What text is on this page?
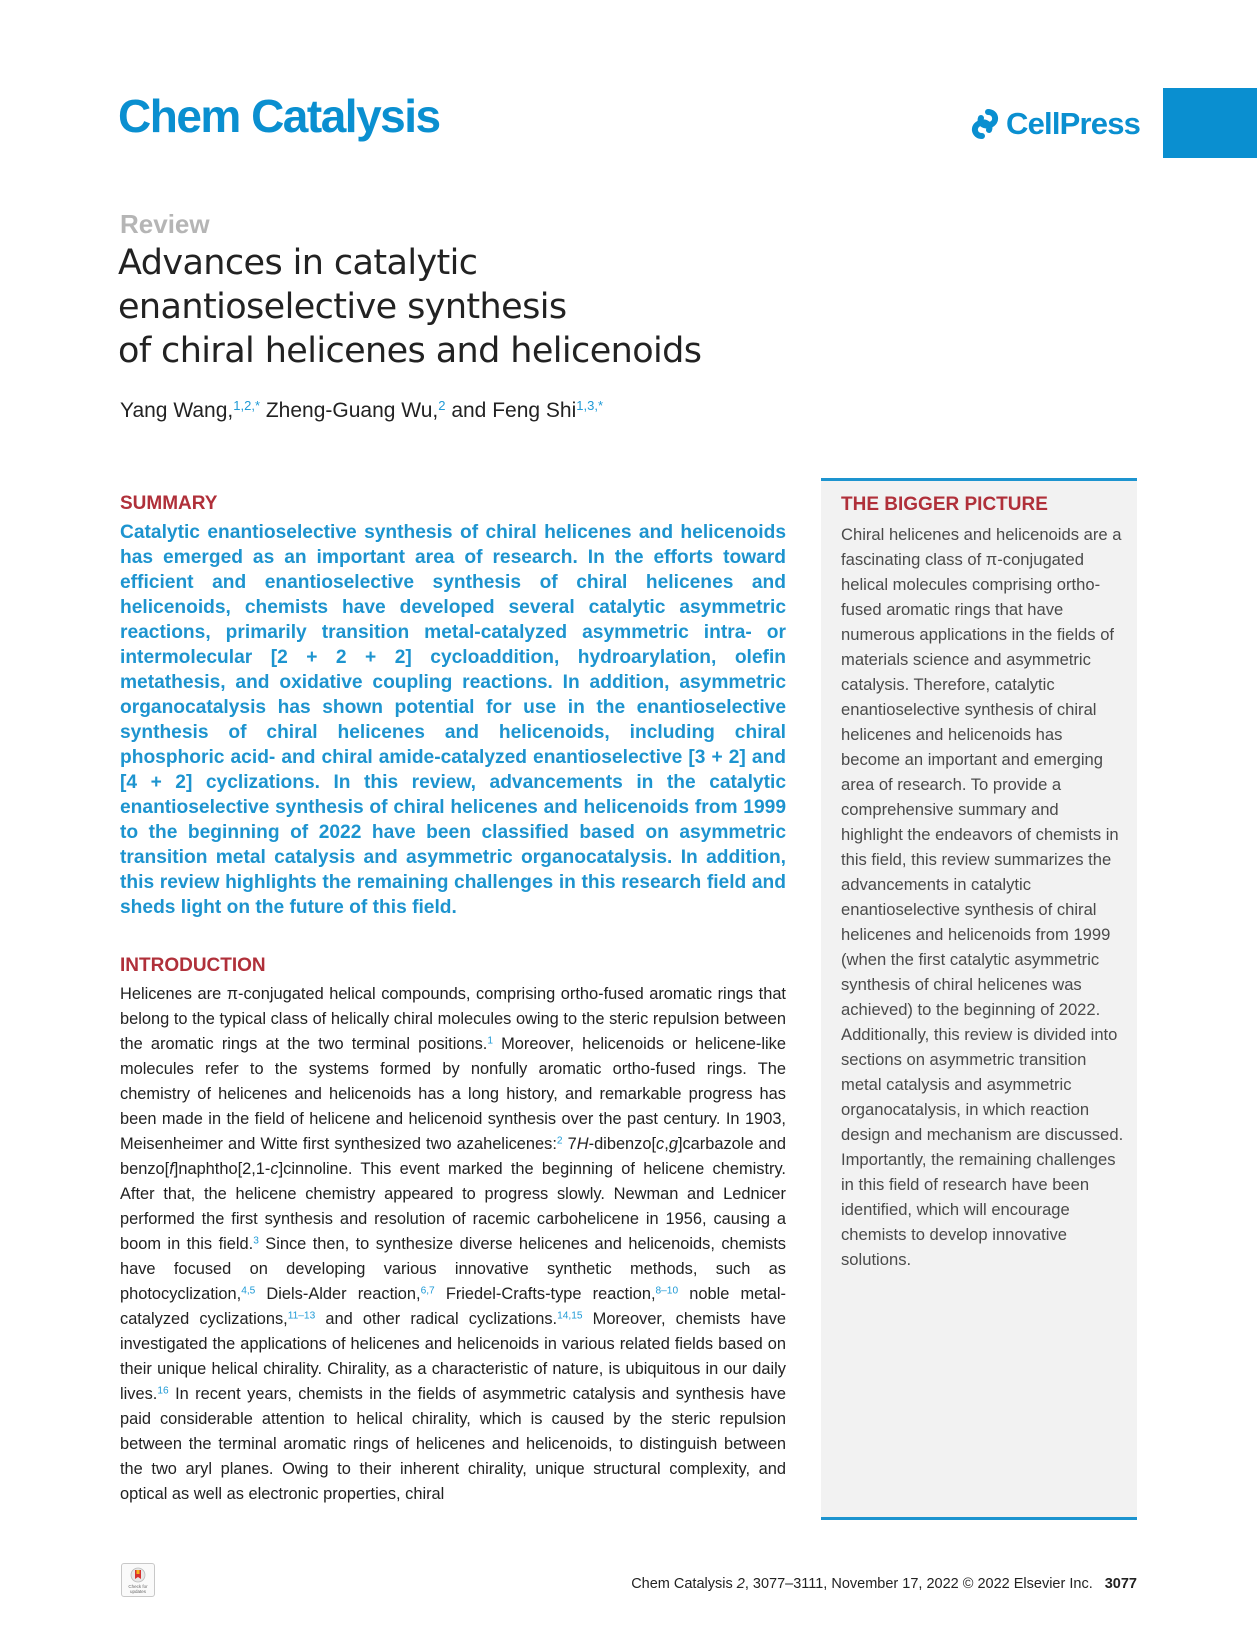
Chem Catalysis	CellPress
Review
Advances in catalytic
enantioselective synthesis
of chiral helicenes and helicenoids
Yang Wang,$^{1,2,*}$ Zheng-Guang Wu,$^2$ and Feng Shi$^{1,3,*}$
SUMMARY

Catalytic enantioselective synthesis of chiral helicenes and helicenoids has emerged as an important area of research. In the efforts toward efficient and enantioselective synthesis of chiral helicenes and helicenoids, chemists have developed several catalytic asymmetric reactions, primarily transition metal-catalyzed asymmetric intra- or intermolecular [2 + 2 + 2] cycloaddition, hydroarylation, olefin metathesis, and oxidative coupling reactions. In addition, asymmetric organocatalysis has shown potential for use in the enantioselective synthesis of chiral helicenes and helicenoids, including chiral phosphoric acid- and chiral amide-catalyzed enantioselective [3 + 2] and [4 + 2] cyclizations. In this review, advancements in the catalytic enantioselective synthesis of chiral helicenes and helicenoids from 1999 to the beginning of 2022 have been classified based on asymmetric transition metal catalysis and asymmetric organocatalysis. In addition, this review highlights the remaining challenges in this research field and sheds light on the future of this field.

INTRODUCTION

Helicenes are π-conjugated helical compounds, comprising ortho-fused aromatic rings that belong to the typical class of helically chiral molecules owing to the steric repulsion between the aromatic rings at the two terminal positions.$^1$ Moreover, helicenoids or helicene-like molecules refer to the systems formed by nonfully aromatic ortho-fused rings. The chemistry of helicenes and helicenoids has a long history, and remarkable progress has been made in the field of helicene and helicenoid synthesis over the past century. In 1903, Meisenheimer and Witte first synthesized two azahelicenes:$^2$ 7H-dibenzo[c,g]carbazole and benzo[f]naphtho[2,1-c]cinnoline. This event marked the beginning of helicene chemistry. After that, the helicene chemistry appeared to progress slowly. Newman and Lednicer performed the first synthesis and resolution of racemic carbohelicene in 1956, causing a boom in this field.$^3$ Since then, to synthesize diverse helicenes and helicenoids, chemists have focused on developing various innovative synthetic methods, such as photocyclization,$^{4,5}$ Diels-Alder reaction,$^{6,7}$ Friedel-Crafts-type reaction,$^{8-10}$ noble metal-catalyzed cyclizations,$^{11-13}$ and other radical cyclizations.$^{14,15}$ Moreover, chemists have investigated the applications of helicenes and helicenoids in various related fields based on their unique helical chirality. Chirality, as a characteristic of nature, is ubiquitous in our daily lives.$^{16}$ In recent years, chemists in the fields of asymmetric catalysis and synthesis have paid considerable attention to helical chirality, which is caused by the steric repulsion between the terminal aromatic rings of helicenes and helicenoids, to distinguish between the two aryl planes. Owing to their inherent chirality, unique structural complexity, and optical as well as electronic properties, chiral

THE BIGGER PICTURE

Chiral helicenes and helicenoids are a fascinating class of π-conjugated helical molecules comprising ortho-fused aromatic rings that have numerous applications in the fields of materials science and asymmetric catalysis. Therefore, catalytic enantioselective synthesis of chiral helicenes and helicenoids has become an important and emerging area of research. To provide a comprehensive summary and highlight the endeavors of chemists in this field, this review summarizes the advancements in catalytic enantioselective synthesis of chiral helicenes and helicenoids from 1999 (when the first catalytic asymmetric synthesis of chiral helicenes was achieved) to the beginning of 2022. Additionally, this review is divided into sections on asymmetric transition metal catalysis and asymmetric organocatalysis, in which reaction design and mechanism are discussed. Importantly, the remaining challenges in this field of research have been identified, which will encourage chemists to develop innovative solutions.

Check for updates	Chem Catalysis 2, 3077–3111, November 17, 2022 © 2022 Elsevier Inc. 3077
